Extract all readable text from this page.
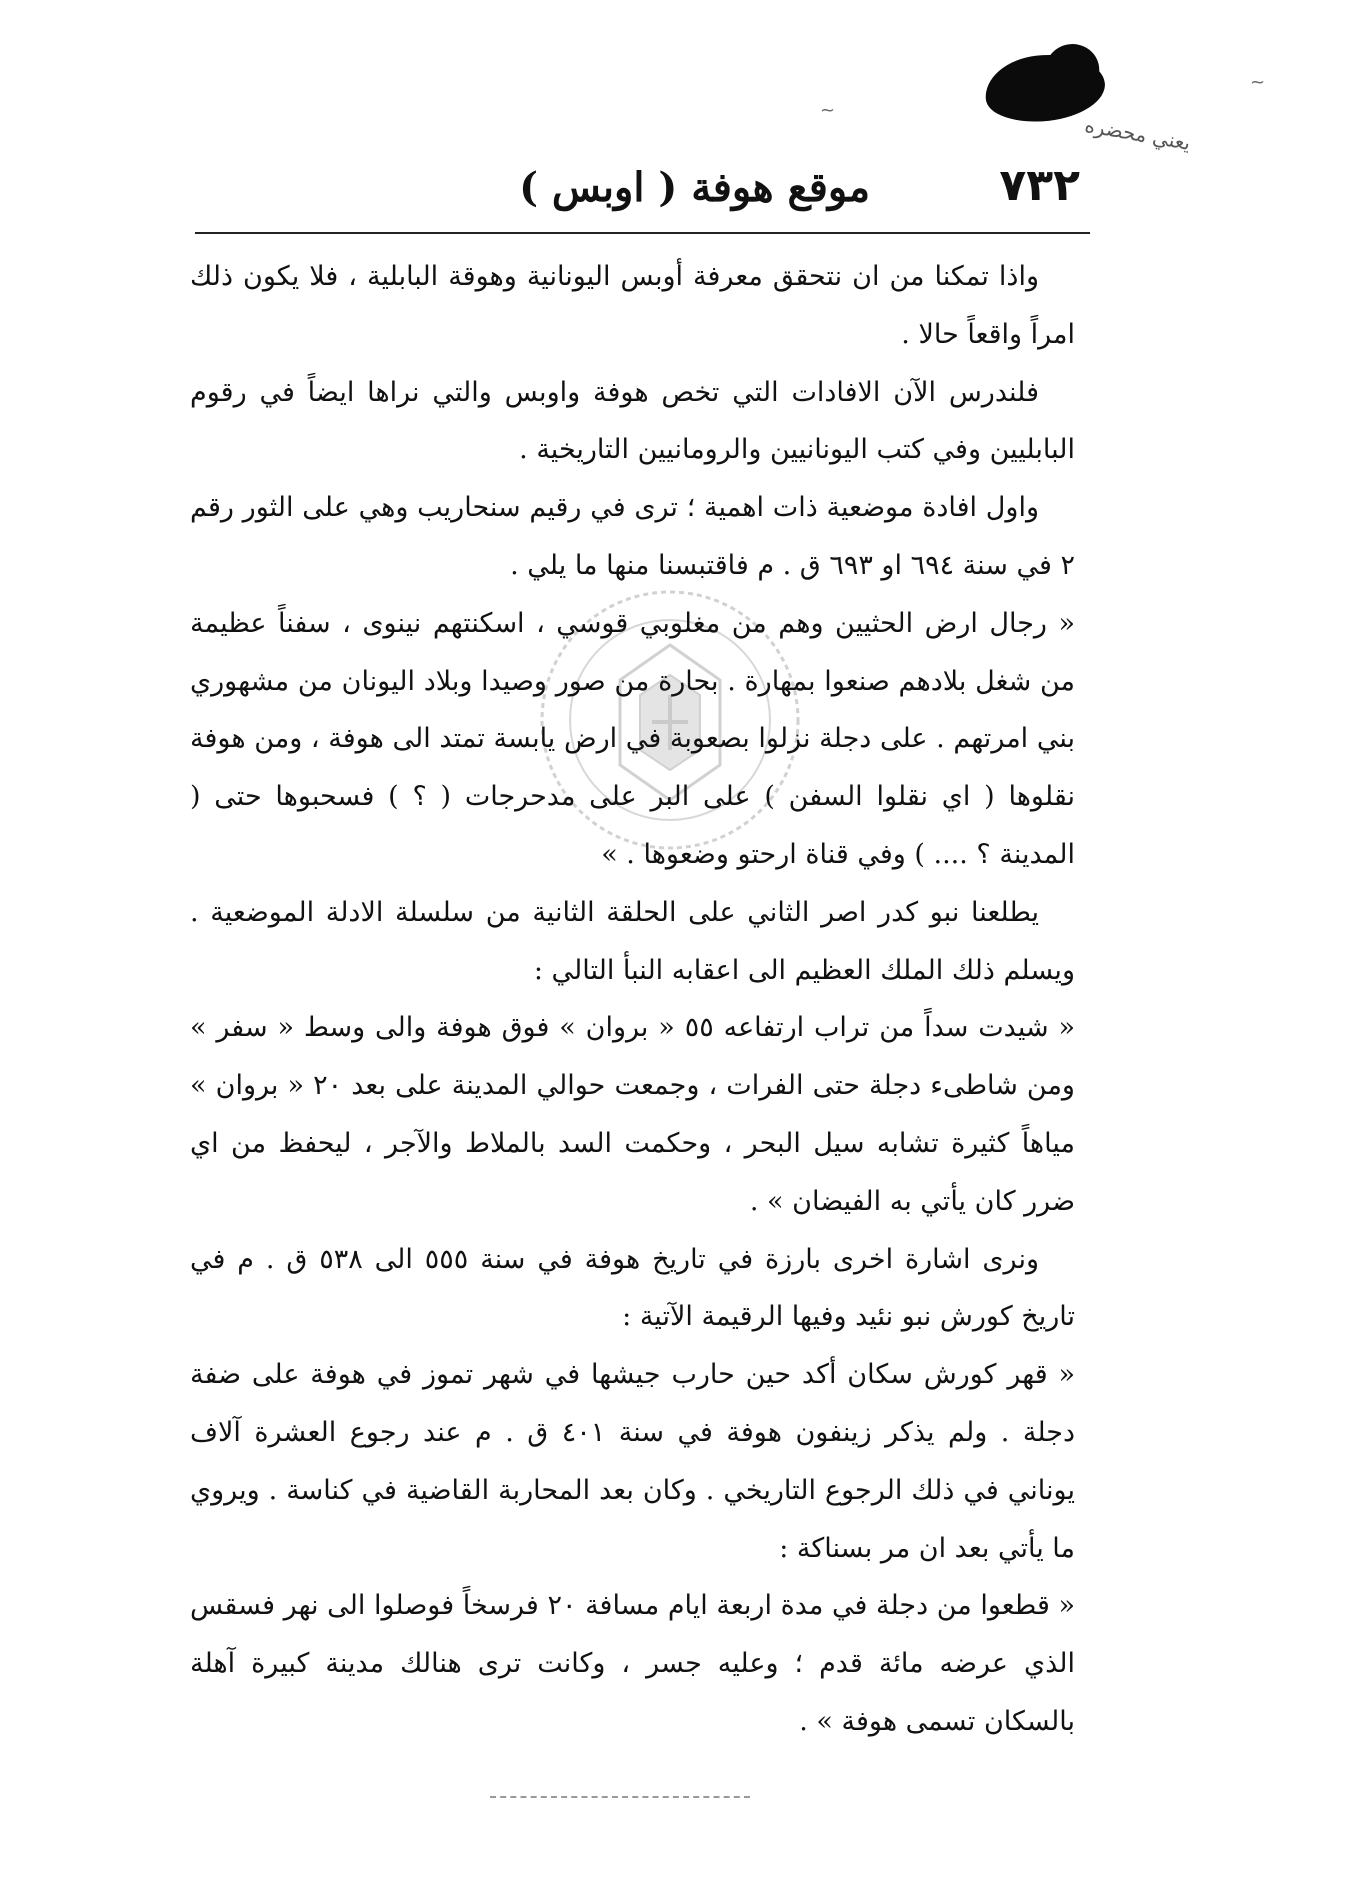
~
~
يعني محضره
٧٣٢
موقع هوفة ( اوبس )

واذا تمكنا من ان نتحقق معرفة أوبس اليونانية وهوقة البابلية ، فلا يكون ذلك امراً واقعاً حالا .

فلندرس الآن الافادات التي تخص هوفة واوبس والتي نراها ايضاً في رقوم البابليين وفي كتب اليونانيين والرومانيين التاريخية .

واول افادة موضعية ذات اهمية ؛ ترى في رقيم سنحاريب وهي على الثور رقم ٢ في سنة ٦٩٤ او ٦٩٣ ق . م فاقتبسنا منها ما يلي .

« رجال ارض الحثيين وهم من مغلوبي قوسي ، اسكنتهم نينوى ، سفناً عظيمة من شغل بلادهم صنعوا بمهارة . بحارة من صور وصيدا وبلاد اليونان من مشهوري بني امرتهم . على دجلة نزلوا بصعوبة في ارض يابسة تمتد الى هوفة ، ومن هوفة نقلوها ( اي نقلوا السفن ) على البر على مدحرجات ( ؟ ) فسحبوها حتى ( المدينة ؟ .... ) وفي قناة ارحتو وضعوها . »

يطلعنا نبو كدر اصر الثاني على الحلقة الثانية من سلسلة الادلة الموضعية . ويسلم ذلك الملك العظيم الى اعقابه النبأ التالي :

« شيدت سداً من تراب ارتفاعه ٥٥ « بروان » فوق هوفة والى وسط « سفر » ومن شاطىء دجلة حتى الفرات ، وجمعت حوالي المدينة على بعد ٢٠ « بروان » مياهاً كثيرة تشابه سيل البحر ، وحكمت السد بالملاط والآجر ، ليحفظ من اي ضرر كان يأتي به الفيضان » .

ونرى اشارة اخرى بارزة في تاريخ هوفة في سنة ٥٥٥ الى ٥٣٨ ق . م في تاريخ كورش نبو نئيد وفيها الرقيمة الآتية :

« قهر كورش سكان أكد حين حارب جيشها في شهر تموز في هوفة على ضفة دجلة . ولم يذكر زينفون هوفة في سنة ٤٠١ ق . م عند رجوع العشرة آلاف يوناني في ذلك الرجوع التاريخي . وكان بعد المحاربة القاضية في كناسة . ويروي ما يأتي بعد ان مر بسناكة :

« قطعوا من دجلة في مدة اربعة ايام مسافة ٢٠ فرسخاً فوصلوا الى نهر فسقس الذي عرضه مائة قدم ؛ وعليه جسر ، وكانت ترى هنالك مدينة كبيرة آهلة بالسكان تسمى هوفة » .
